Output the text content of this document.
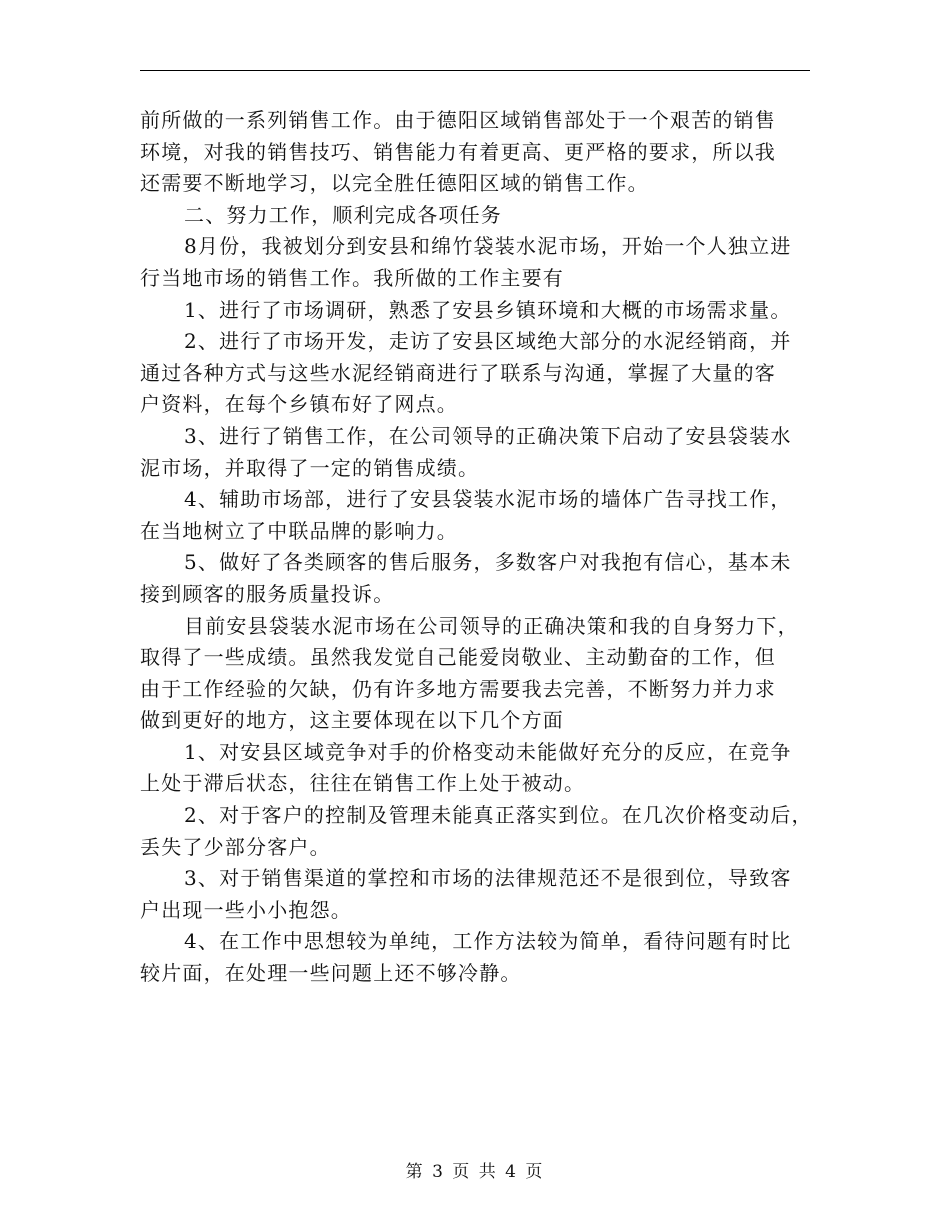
前所做的一系列销售工作。由于德阳区域销售部处于一个艰苦的销售
环境，对我的销售技巧、销售能力有着更高、更严格的要求，所以我
还需要不断地学习，以完全胜任德阳区域的销售工作。
二、努力工作，顺利完成各项任务
8月份，我被划分到安县和绵竹袋装水泥市场，开始一个人独立进
行当地市场的销售工作。我所做的工作主要有
1、进行了市场调研，熟悉了安县乡镇环境和大概的市场需求量。
2、进行了市场开发，走访了安县区域绝大部分的水泥经销商，并
通过各种方式与这些水泥经销商进行了联系与沟通，掌握了大量的客
户资料，在每个乡镇布好了网点。
3、进行了销售工作，在公司领导的正确决策下启动了安县袋装水
泥市场，并取得了一定的销售成绩。
4、辅助市场部，进行了安县袋装水泥市场的墙体广告寻找工作，
在当地树立了中联品牌的影响力。
5、做好了各类顾客的售后服务，多数客户对我抱有信心，基本未
接到顾客的服务质量投诉。
目前安县袋装水泥市场在公司领导的正确决策和我的自身努力下，
取得了一些成绩。虽然我发觉自己能爱岗敬业、主动勤奋的工作，但
由于工作经验的欠缺，仍有许多地方需要我去完善，不断努力并力求
做到更好的地方，这主要体现在以下几个方面
1、对安县区域竞争对手的价格变动未能做好充分的反应，在竞争
上处于滞后状态，往往在销售工作上处于被动。
2、对于客户的控制及管理未能真正落实到位。在几次价格变动后，
丢失了少部分客户。
3、对于销售渠道的掌控和市场的法律规范还不是很到位，导致客
户出现一些小小抱怨。
4、在工作中思想较为单纯，工作方法较为简单，看待问题有时比
较片面，在处理一些问题上还不够冷静。
第 3 页 共 4 页
